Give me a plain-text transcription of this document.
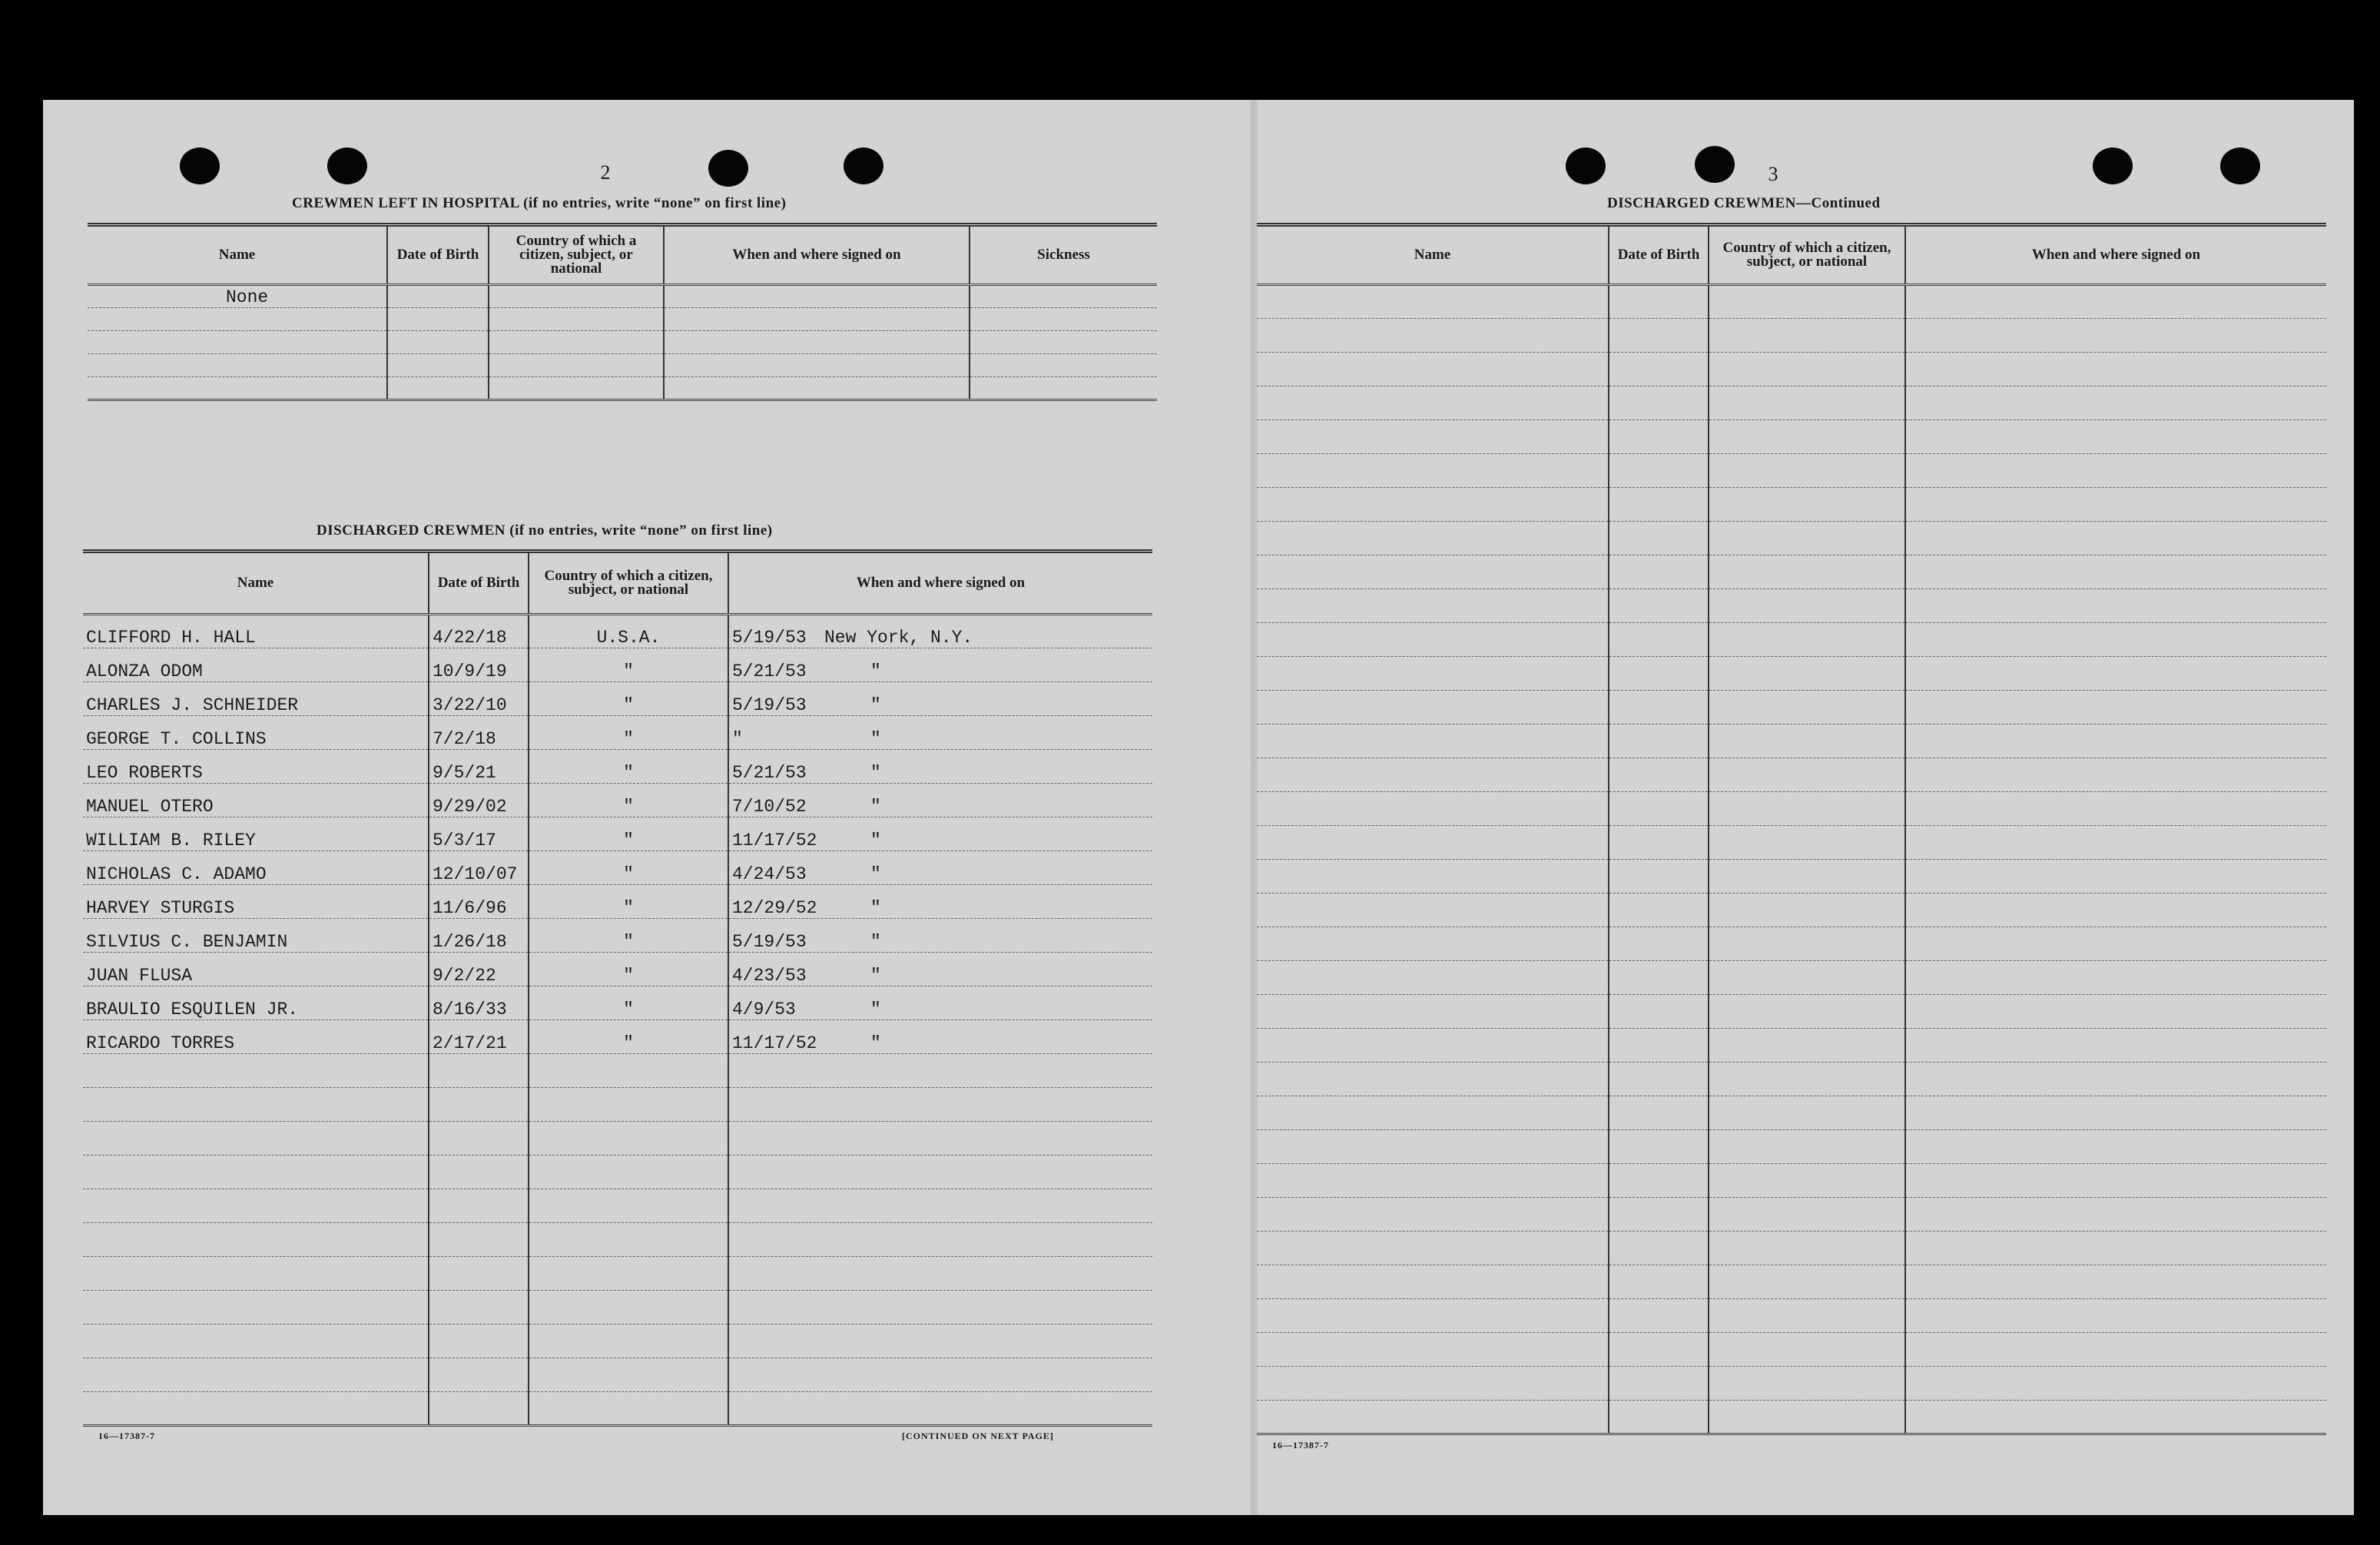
2
CREWMEN LEFT IN HOSPITAL (if no entries, write “none” on first line)
Name	Date of Birth	Country of which a citizen, subject, or national	When and where signed on	Sickness
None				

DISCHARGED CREWMEN (if no entries, write “none” on first line)
Name	Date of Birth	Country of which a citizen, subject, or national	When and where signed on
CLIFFORD H. HALL	4/22/18	U.S.A.	5/19/53 New York, N.Y.
ALONZA ODOM	10/9/19	"	5/21/53 "
CHARLES J. SCHNEIDER	3/22/10	"	5/19/53 "
GEORGE T. COLLINS	7/2/18	"	" "
LEO ROBERTS	9/5/21	"	5/21/53 "
MANUEL OTERO	9/29/02	"	7/10/52 "
WILLIAM B. RILEY	5/3/17	"	11/17/52 "
NICHOLAS C. ADAMO	12/10/07	"	4/24/53 "
HARVEY STURGIS	11/6/96	"	12/29/52 "
SILVIUS C. BENJAMIN	1/26/18	"	5/19/53 "
JUAN FLUSA	9/2/22	"	4/23/53 "
BRAULIO ESQUILEN JR.	8/16/33	"	4/9/53 "
RICARDO TORRES	2/17/21	"	11/17/52 "

16—17387-7	[CONTINUED ON NEXT PAGE]
3
DISCHARGED CREWMEN—Continued
Name	Date of Birth	Country of which a citizen, subject, or national	When and where signed on

16—17387-7
